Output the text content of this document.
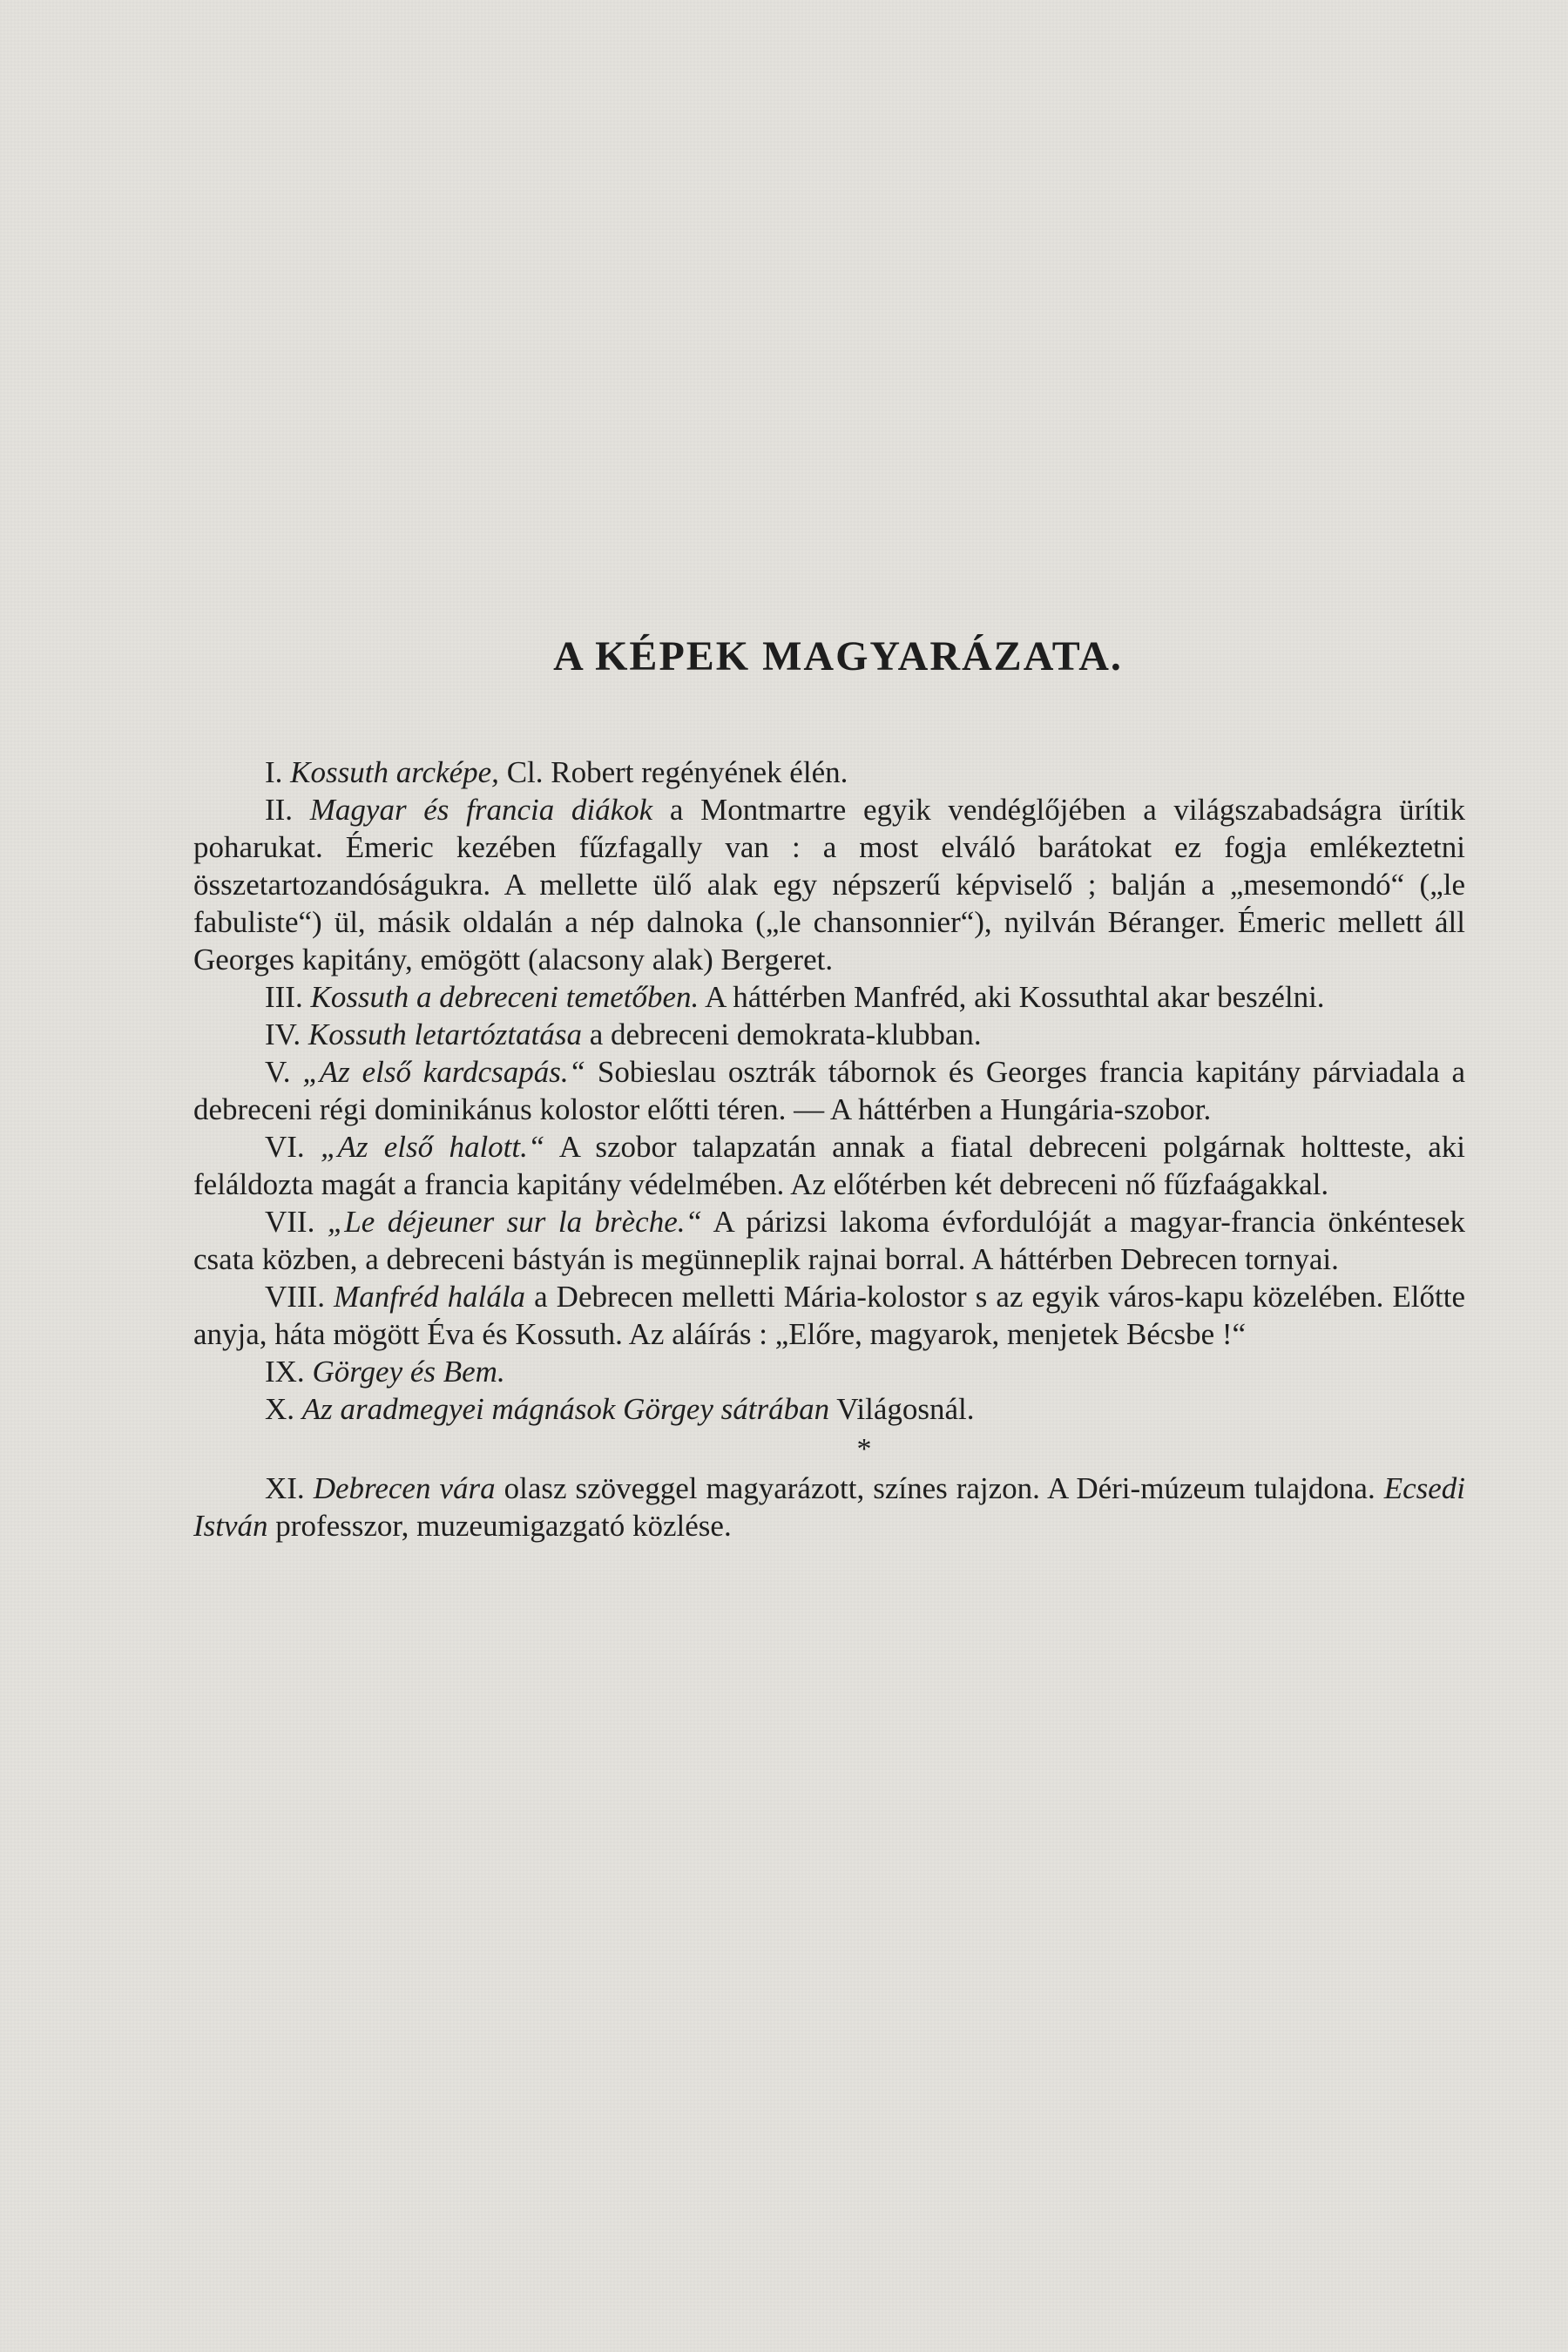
A KÉPEK MAGYARÁZATA.

I. Kossuth arcképe, Cl. Robert regényének élén.

II. Magyar és francia diákok a Montmartre egyik vendéglőjében a világszabadságra ürítik poharukat. Émeric kezében fűzfagally van : a most elváló barátokat ez fogja emlékeztetni összetartozandóságukra. A mellette ülő alak egy népszerű képviselő ; balján a „mesemondó“ („le fabuliste“) ül, másik oldalán a nép dalnoka („le chansonnier“), nyilván Béranger. Émeric mellett áll Georges kapitány, emögött (alacsony alak) Bergeret.

III. Kossuth a debreceni temetőben. A háttérben Manfréd, aki Kossuthtal akar beszélni.

IV. Kossuth letartóztatása a debreceni demokrata-klubban.

V. „Az első kardcsapás.“ Sobieslau osztrák tábornok és Georges francia kapitány párviadala a debreceni régi dominikánus kolostor előtti téren. — A háttérben a Hungária-szobor.

VI. „Az első halott.“ A szobor talapzatán annak a fiatal debreceni polgárnak holtteste, aki feláldozta magát a francia kapitány védelmében. Az előtérben két debreceni nő fűzfaágakkal.

VII. „Le déjeuner sur la brèche.“ A párizsi lakoma évfordulóját a magyar-francia önkéntesek csata közben, a debreceni bástyán is megünneplik rajnai borral. A háttérben Debrecen tornyai.

VIII. Manfréd halála a Debrecen melletti Mária-kolostor s az egyik város-kapu közelében. Előtte anyja, háta mögött Éva és Kossuth. Az aláírás : „Előre, magyarok, menjetek Bécsbe !“

IX. Görgey és Bem.

X. Az aradmegyei mágnások Görgey sátrában Világosnál.

*

XI. Debrecen vára olasz szöveggel magyarázott, színes rajzon. A Déri-múzeum tulajdona. Ecsedi István professzor, muzeumigazgató közlése.
